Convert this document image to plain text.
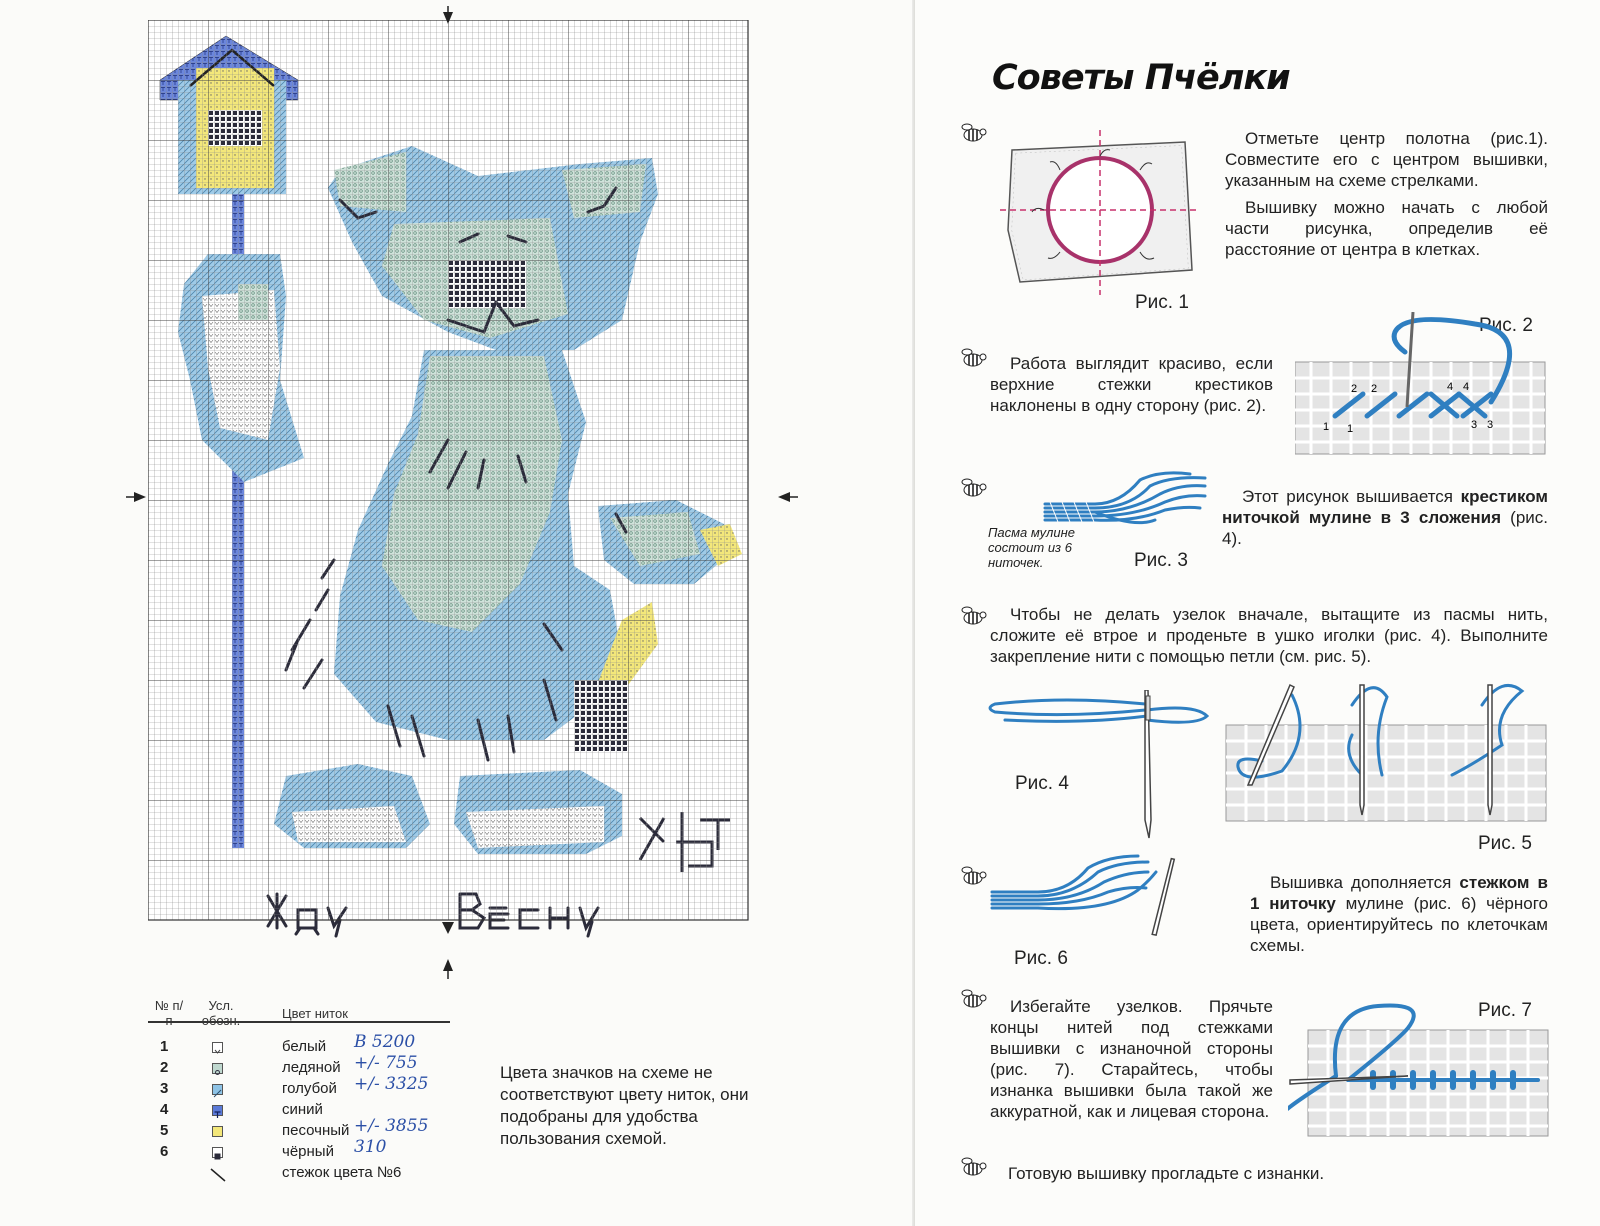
№ п/	Усл.
Цвет ниток
1	белый B 5200
2	ледяной +/- 755
3	голубой +/- 3325
4	синий
5	песочный +/- 3855
6	чёрный 310
стежок цвета №6
Цвета значков на схеме не соответствуют цвету ниток, они подобраны для удобства пользования схемой.
Советы Пчёлки
Рис. 1

Отметьте центр полотна (рис.1). Совместите его с центром вышивки, указанным на схеме стрелками.

Вышивку можно начать с любой части рисунка, определив её расстояние от центра в клетках.

Рис. 2
1 1
2 2
3 3
4 4
Работа выглядит красиво, если верхние стежки крестиков наклонены в одну сторону (рис. 2).
Пасма мулине состоит из 6 ниточек.	Рис. 3
Этот рисунок вышивается крестиком ниточкой мулине в 3 сложения (рис. 4).
Чтобы не делать узелок вначале, вытащите из пасмы нить, сложите её втрое и проденьте в ушко иголки (рис. 4). Выполните закрепление нити с помощью петли (см. рис. 5).
Рис. 4
Рис. 5
Рис. 6
Вышивка дополняется стежком в 1 ниточку мулине (рис. 6) чёрного цвета, ориентируйтесь по клеточкам схемы.
Избегайте узелков. Прячьте концы нитей под стежками вышивки с изнаночной стороны (рис. 7). Старайтесь, чтобы изнанка вышивки была такой же аккуратной, как и лицевая сторона.
Рис. 7
Готовую вышивку прогладьте с изнанки.
